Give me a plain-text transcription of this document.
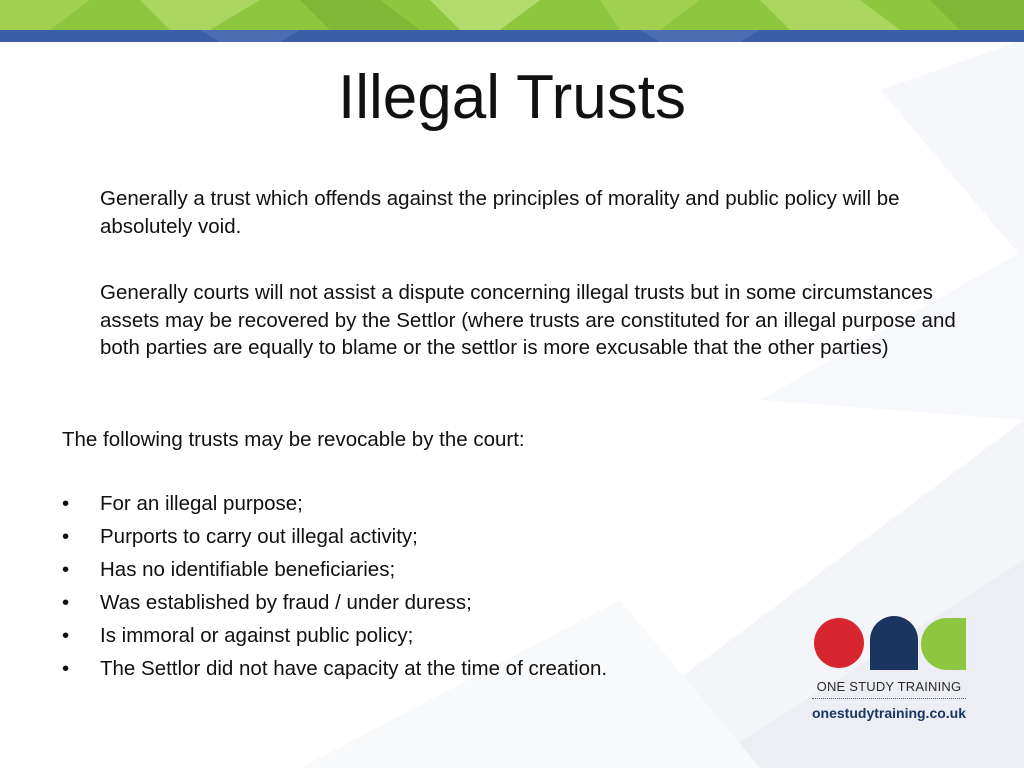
Illegal Trusts

Generally a trust which offends against the principles of morality and public policy will be absolutely void.

Generally courts will not assist a dispute concerning illegal trusts but in some circumstances assets may be recovered by the Settlor (where trusts are constituted for an illegal purpose and both parties are equally to blame or the settlor is more excusable that the other parties)

The following trusts may be revocable by the court:

• For an illegal purpose;
• Purports to carry out illegal activity;
• Has no identifiable beneficiaries;
• Was established by fraud / under duress;
• Is immoral or against public policy;
• The Settlor did not have capacity at the time of creation.
ONE STUDY TRAINING
onestudytraining.co.uk
